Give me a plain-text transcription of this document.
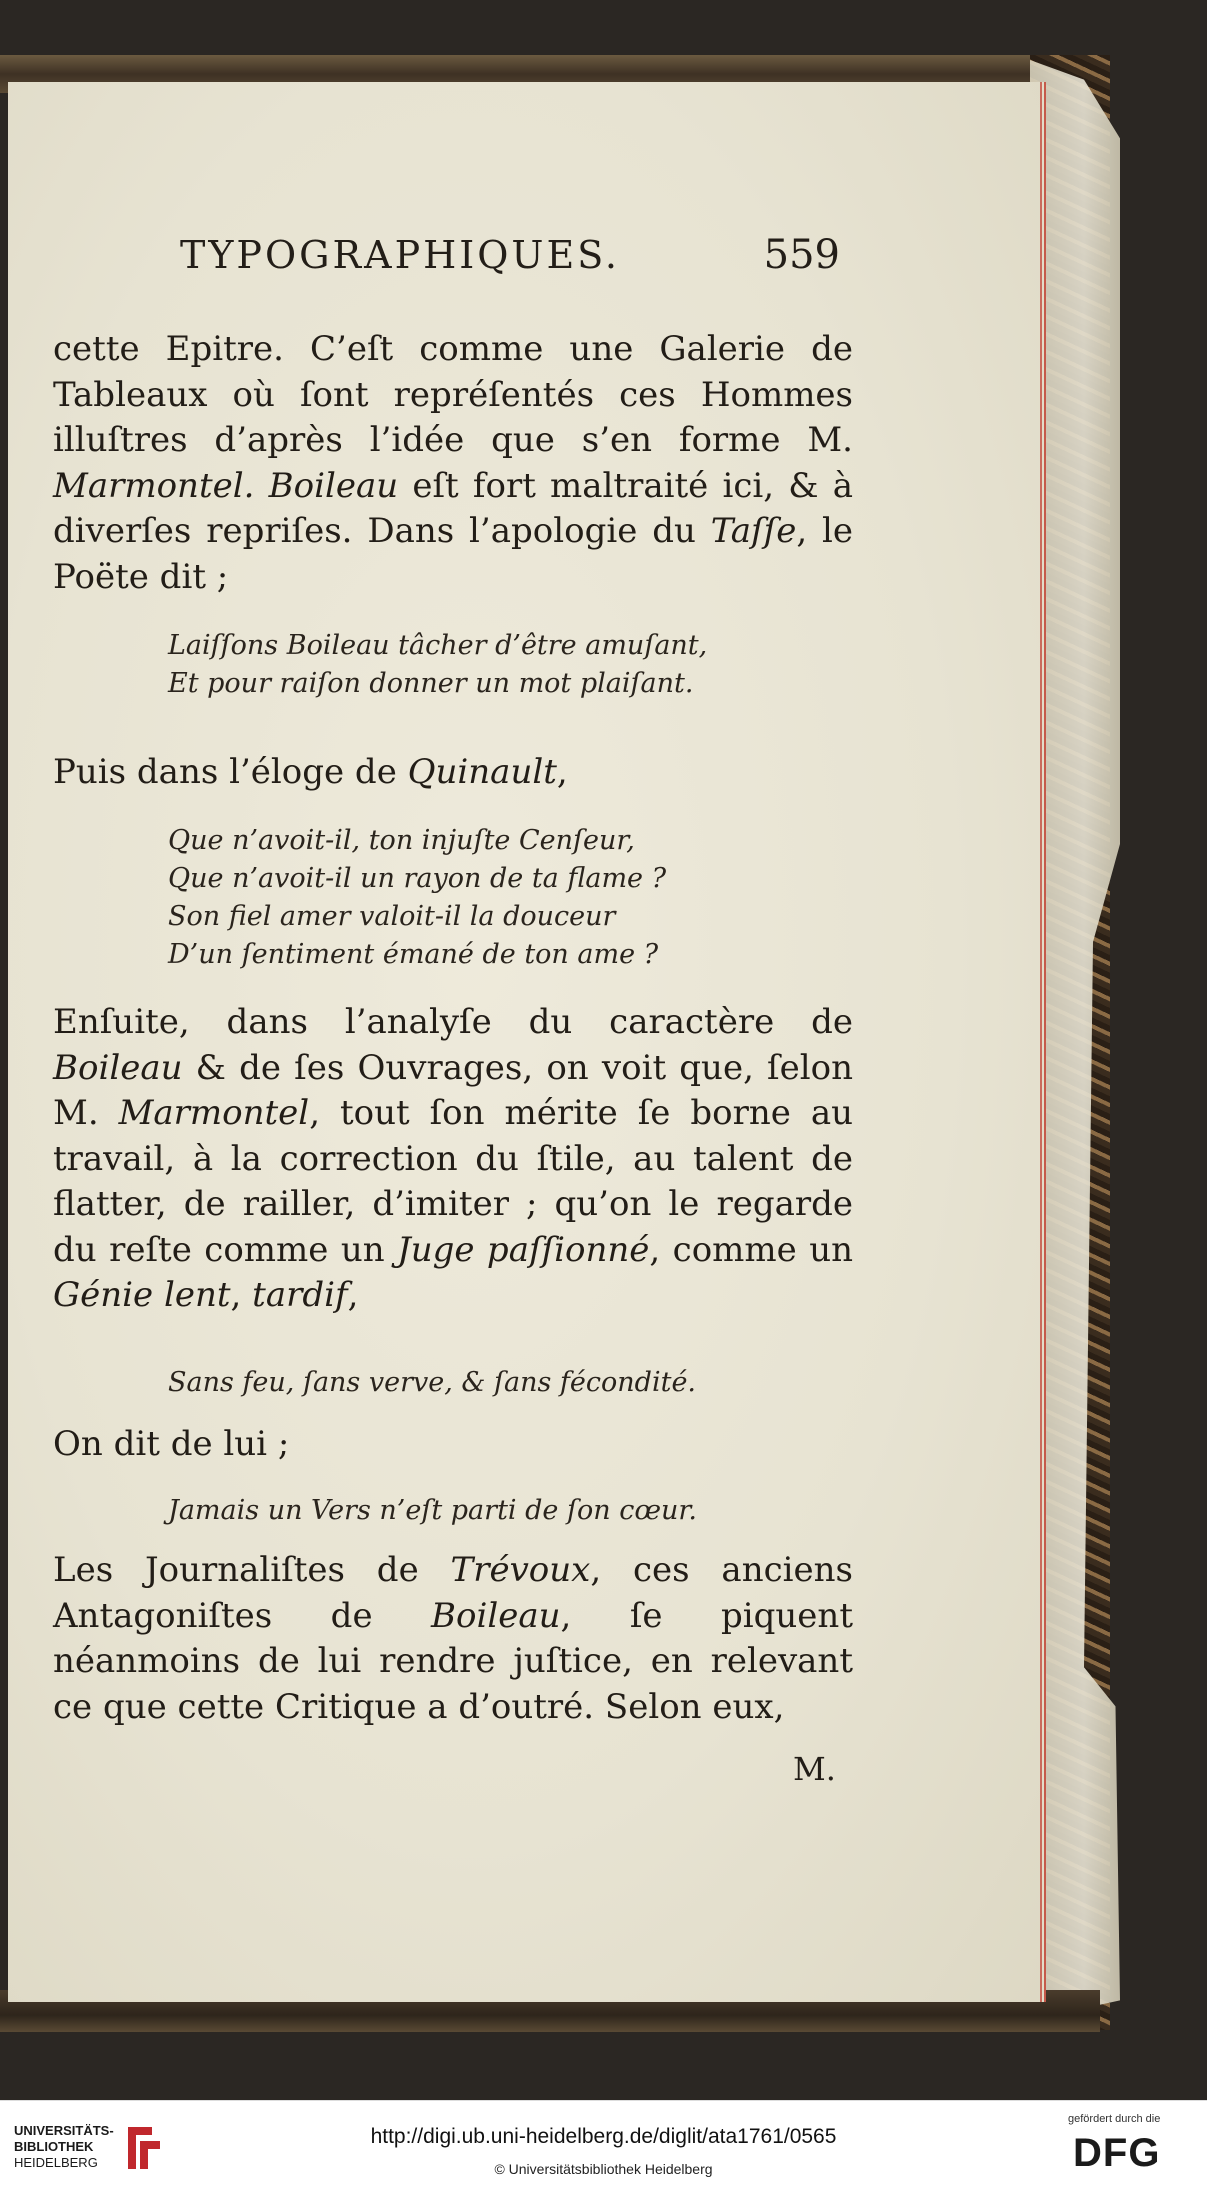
TYPOGRAPHIQUES.	559
cette Epitre. C’eſt comme une Galerie de Tableaux où ſont repréſentés ces Hommes illuſtres d’après l’idée que s’en forme M. Marmontel. Boileau eſt fort maltraité ici, & à diverſes repriſes. Dans l’apologie du Taſſe, le Poëte dit ;
Laiſſons Boileau tâcher d’être amuſant,
Et pour raiſon donner un mot plaiſant.
Puis dans l’éloge de Quinault,
Que n’avoit-il, ton injuſte Cenſeur,
Que n’avoit-il un rayon de ta flame ?
Son fiel amer valoit-il la douceur
D’un ſentiment émané de ton ame ?
Enſuite, dans l’analyſe du caractère de Boileau & de ſes Ouvrages, on voit que, ſelon M. Marmontel, tout ſon mérite ſe borne au travail, à la correction du ſtile, au talent de flatter, de railler, d’imiter ; qu’on le regarde du reſte comme un Juge paſſionné, comme un Génie lent, tardif,
Sans feu, ſans verve, & ſans fécondité.
On dit de lui ;
Jamais un Vers n’eſt parti de ſon cœur.
Les Journaliſtes de Trévoux, ces anciens Antagoniſtes de Boileau, ſe piquent néanmoins de lui rendre juſtice, en relevant ce que cette Critique a d’outré. Selon eux,
M.
UNIVERSITÄTS-
BIBLIOTHEK
HEIDELBERG
http://digi.ub.uni-heidelberg.de/diglit/ata1761/0565
© Universitätsbibliothek Heidelberg
gefördert durch die
DFG
